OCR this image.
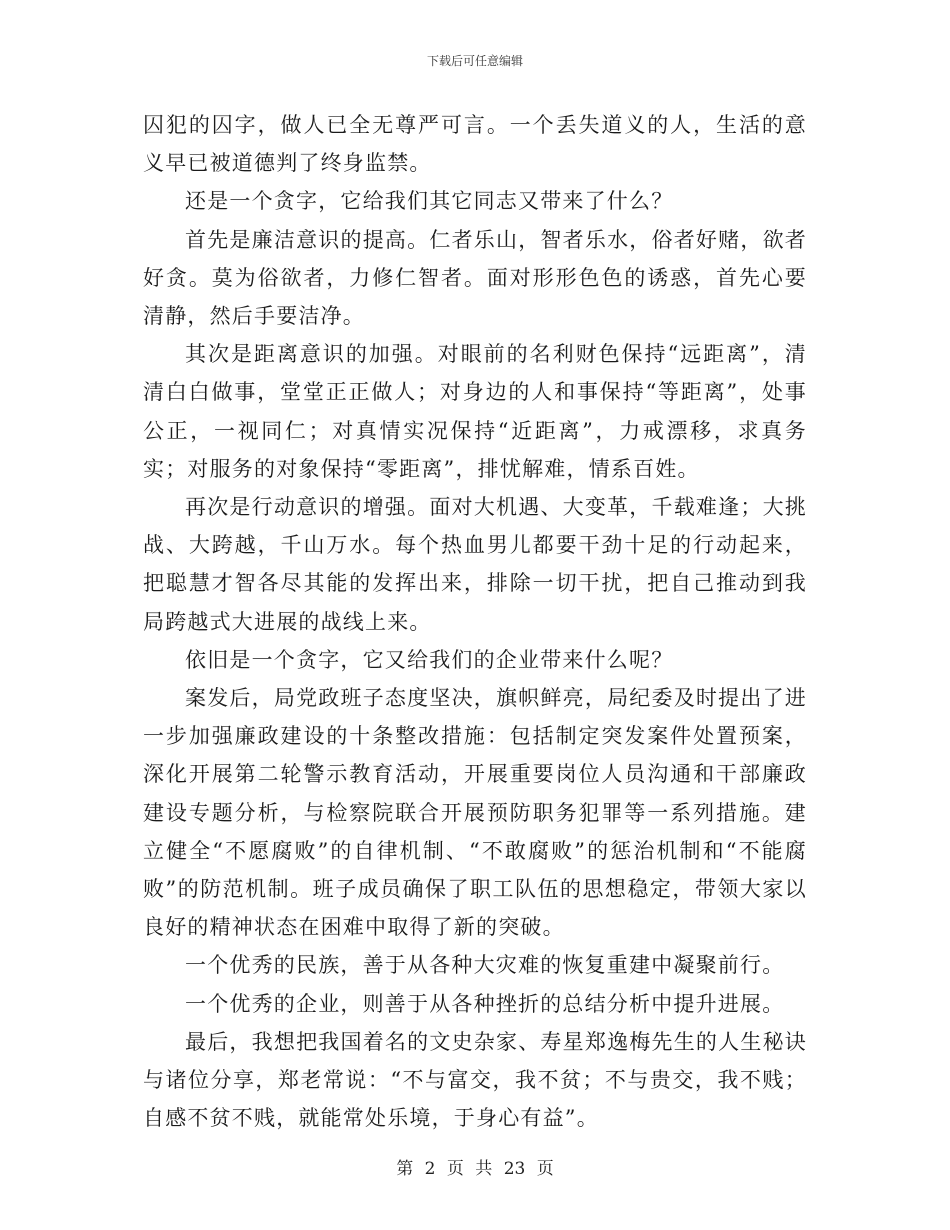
下载后可任意编辑

囚犯的囚字，做人已全无尊严可言。一个丢失道义的人，生活的意义早已被道德判了终身监禁。

还是一个贪字，它给我们其它同志又带来了什么？

首先是廉洁意识的提高。仁者乐山，智者乐水，俗者好赌，欲者好贪。莫为俗欲者，力修仁智者。面对形形色色的诱惑，首先心要清静，然后手要洁净。

其次是距离意识的加强。对眼前的名利财色保持“远距离”，清清白白做事，堂堂正正做人；对身边的人和事保持“等距离”，处事公正，一视同仁；对真情实况保持“近距离”，力戒漂移，求真务实；对服务的对象保持“零距离”，排忧解难，情系百姓。

再次是行动意识的增强。面对大机遇、大变革，千载难逢；大挑战、大跨越，千山万水。每个热血男儿都要干劲十足的行动起来，把聪慧才智各尽其能的发挥出来，排除一切干扰，把自己推动到我局跨越式大进展的战线上来。

依旧是一个贪字，它又给我们的企业带来什么呢？

案发后，局党政班子态度坚决，旗帜鲜亮，局纪委及时提出了进一步加强廉政建设的十条整改措施：包括制定突发案件处置预案，深化开展第二轮警示教育活动，开展重要岗位人员沟通和干部廉政建设专题分析，与检察院联合开展预防职务犯罪等一系列措施。建立健全“不愿腐败”的自律机制、“不敢腐败”的惩治机制和“不能腐败”的防范机制。班子成员确保了职工队伍的思想稳定，带领大家以良好的精神状态在困难中取得了新的突破。

一个优秀的民族，善于从各种大灾难的恢复重建中凝聚前行。

一个优秀的企业，则善于从各种挫折的总结分析中提升进展。

最后，我想把我国着名的文史杂家、寿星郑逸梅先生的人生秘诀与诸位分享，郑老常说：“不与富交，我不贫；不与贵交，我不贱；自感不贫不贱，就能常处乐境，于身心有益”。

第 2 页 共 23 页
